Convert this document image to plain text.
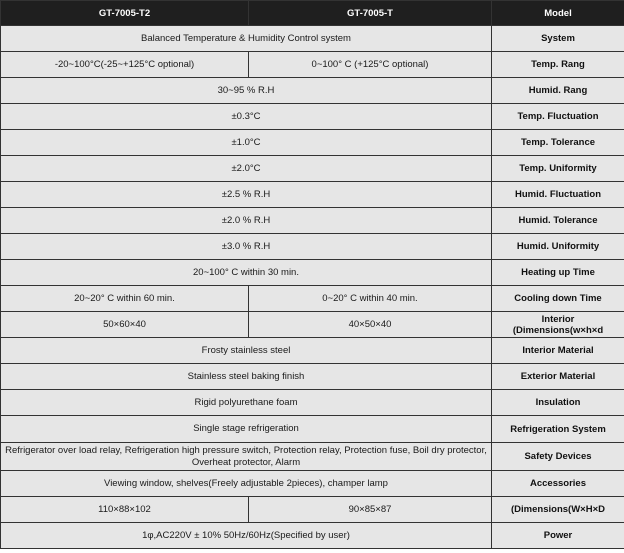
GT-7005-T2	GT-7005-T	Model
Balanced Temperature & Humidity Control system		System
-20~100°C(-25~+125°C optional)	0~100° C (+125°C optional)	Temp. Rang
30~95 % R.H		Humid. Rang
±0.3°C		Temp. Fluctuation
±1.0°C		Temp. Tolerance
±2.0°C		Temp. Uniformity
±2.5 % R.H		Humid. Fluctuation
±2.0 % R.H		Humid. Tolerance
±3.0 % R.H		Humid. Uniformity
20~100° C within 30 min.		Heating up Time
20~20° C within 60 min.	0~20° C within 40 min.	Cooling down Time
50×60×40	40×50×40	Interior (Dimensions(w×h×d
Frosty stainless steel		Interior Material
Stainless steel baking finish		Exterior Material
Rigid polyurethane foam		Insulation
Single stage refrigeration		Refrigeration System
Refrigerator over load relay, Refrigeration high pressure switch, Protection relay, Protection fuse, Boil dry protector, Overheat protector, Alarm		Safety Devices
Viewing window, shelves(Freely adjustable 2pieces), champer lamp		Accessories
110×88×102	90×85×87	(Dimensions(W×H×D
1φ,AC220V ± 10% 50Hz/60Hz(Specified by user)		Power
